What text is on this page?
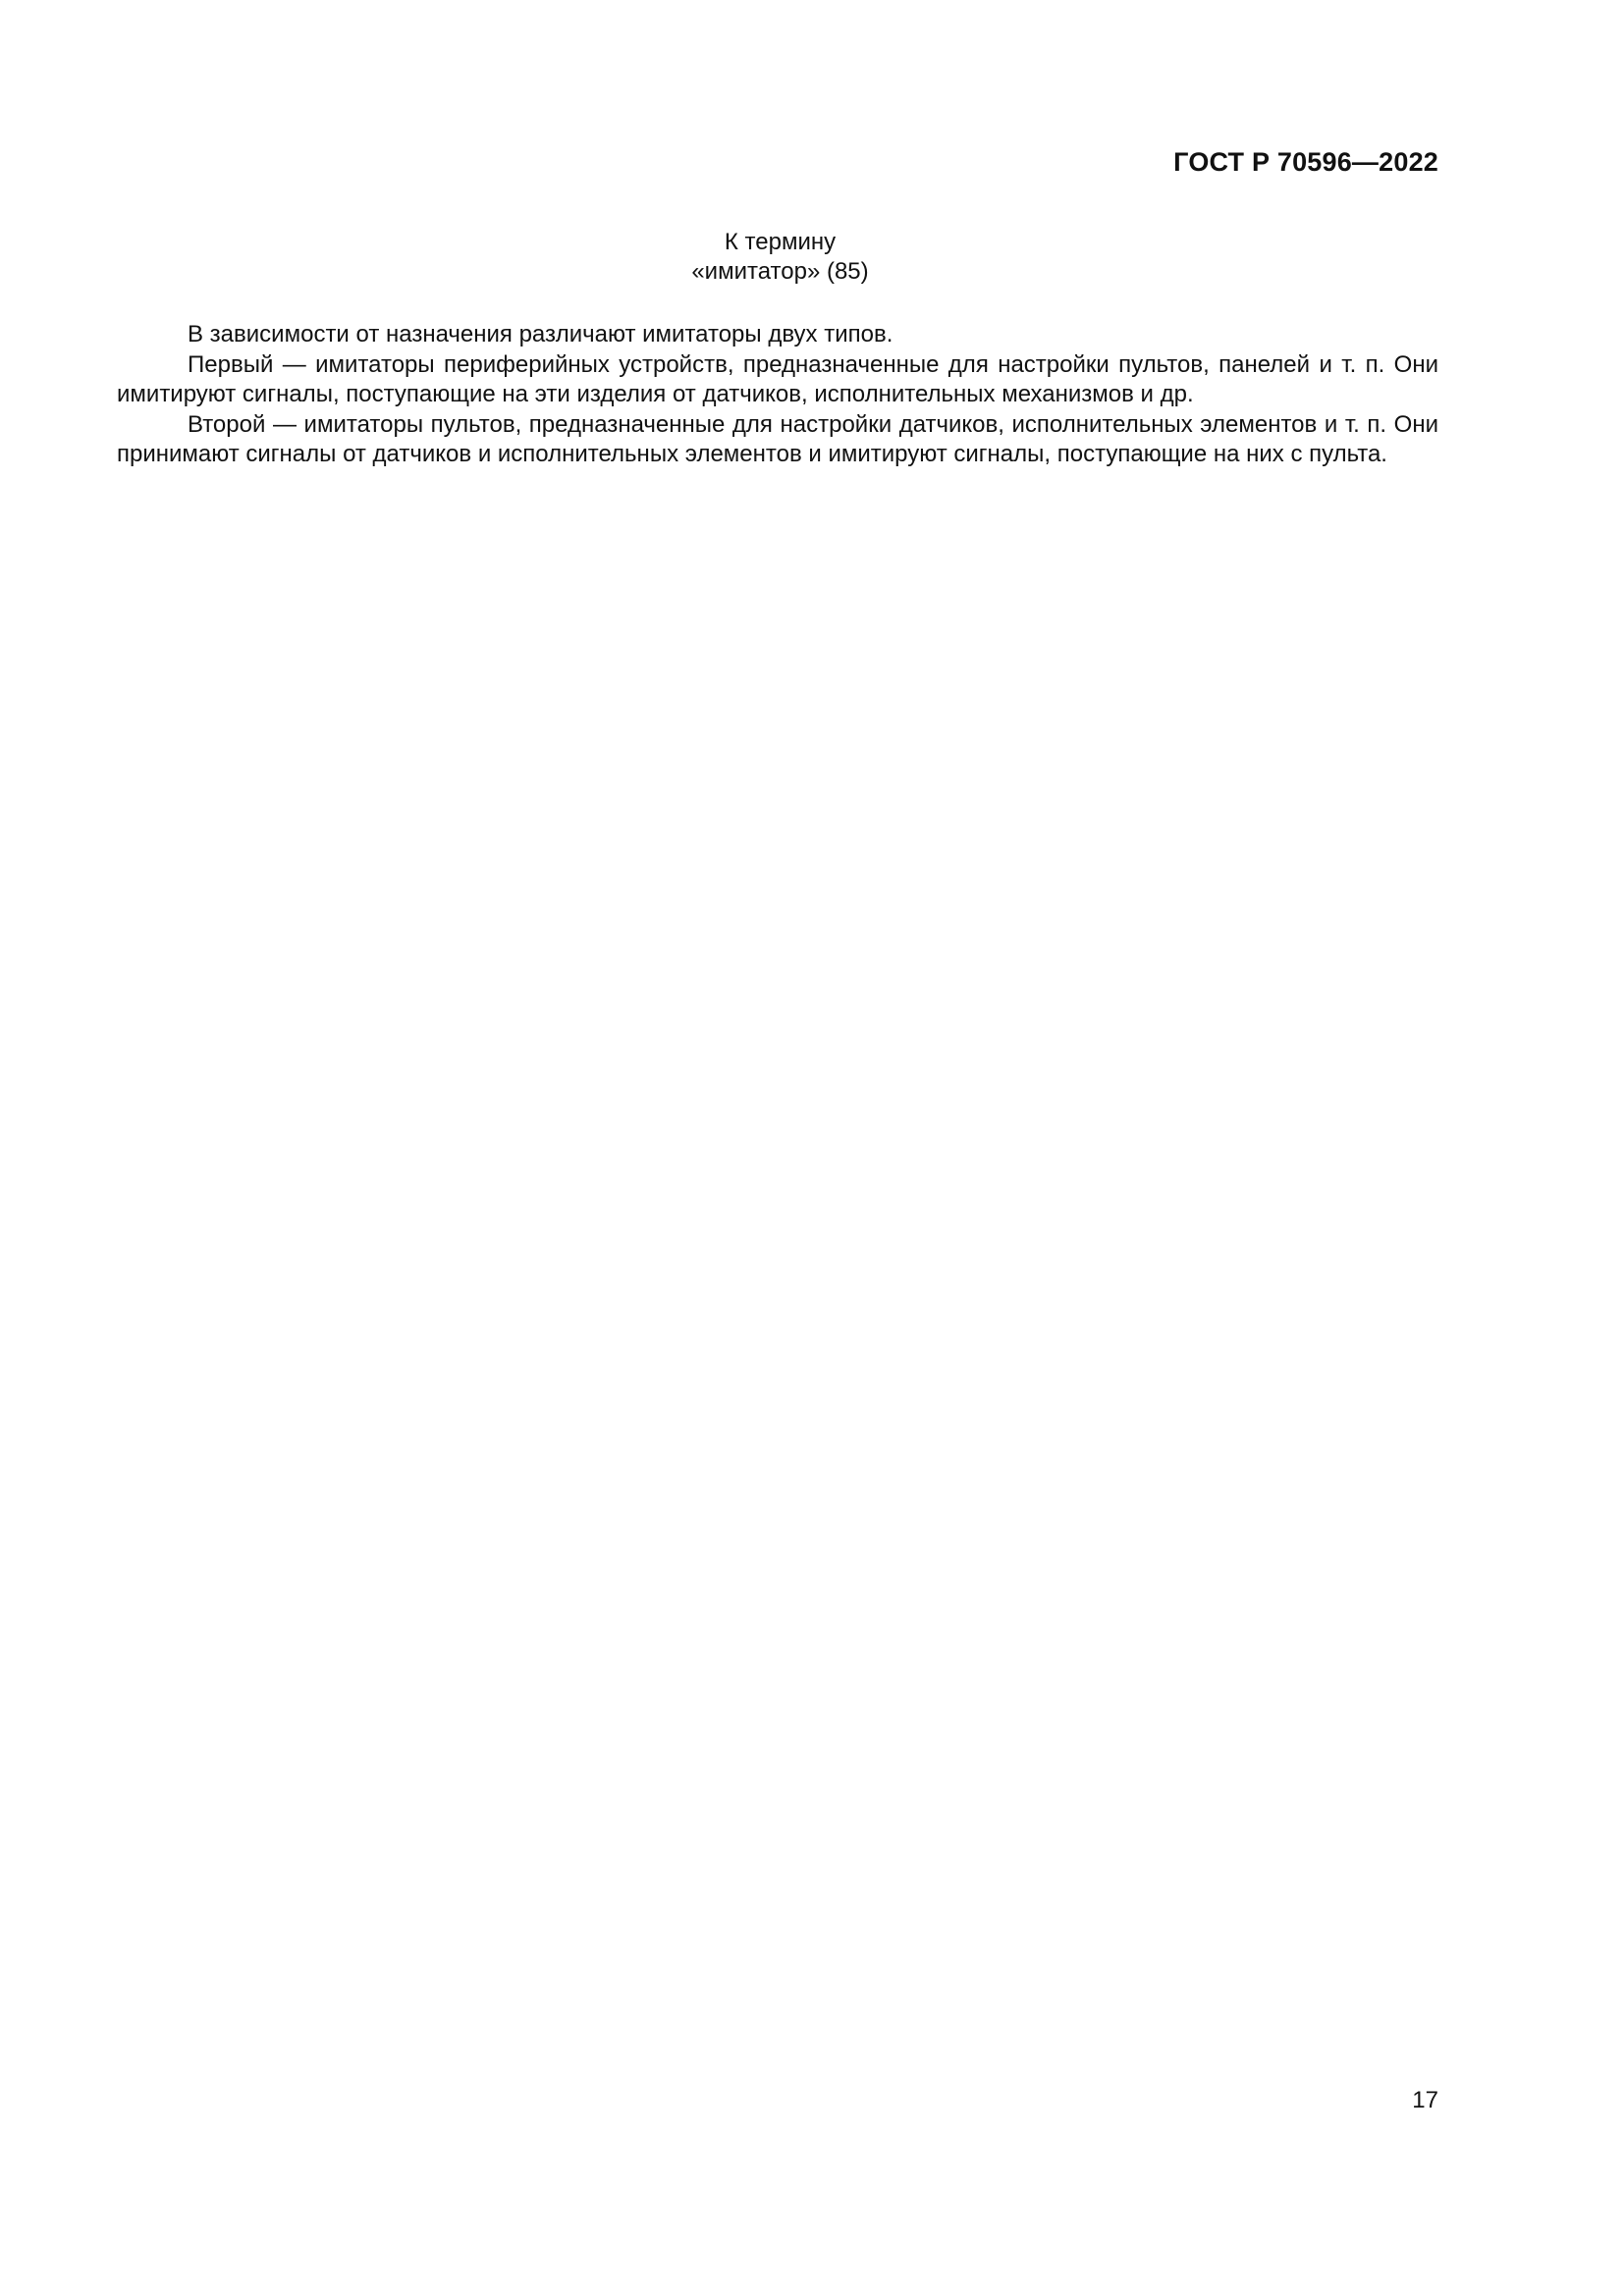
ГОСТ Р 70596—2022
К термину
«имитатор» (85)

В зависимости от назначения различают имитаторы двух типов.

Первый — имитаторы периферийных устройств, предназначенные для настройки пультов, панелей и т. п. Они имитируют сигналы, поступающие на эти изделия от датчиков, исполнительных механизмов и др.

Второй — имитаторы пультов, предназначенные для настройки датчиков, исполнительных элементов и т. п. Они принимают сигналы от датчиков и исполнительных элементов и имитируют сигналы, поступающие на них с пульта.

17
